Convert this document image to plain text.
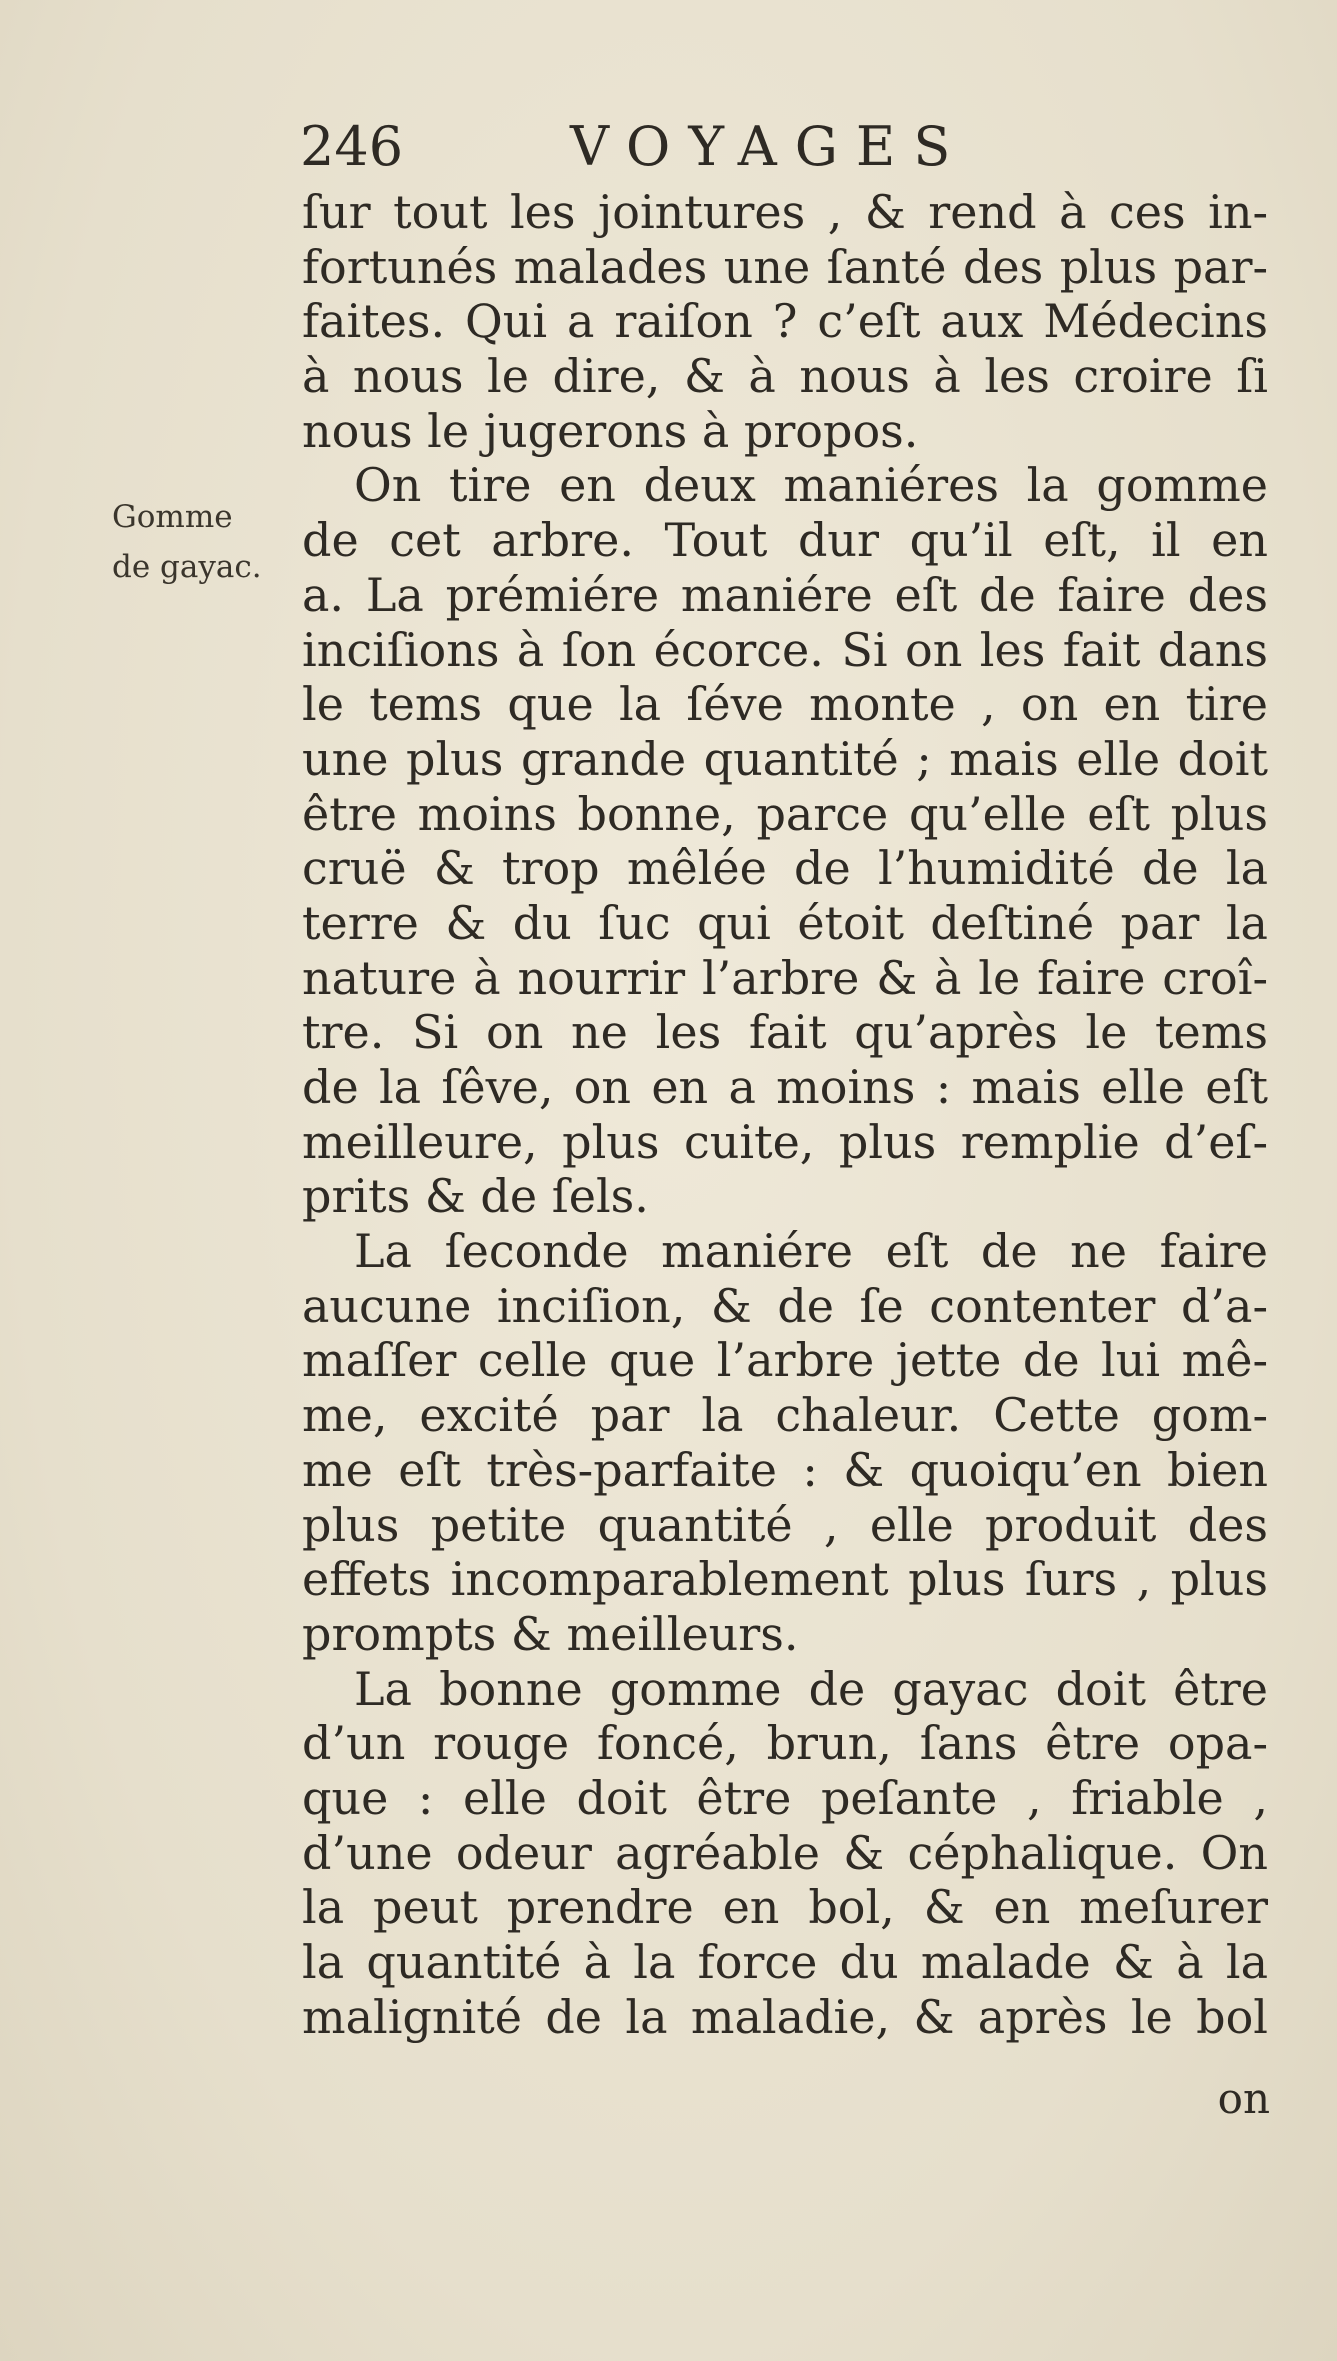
246	VOYAGES
Gomme
de gayac.
ſur tout les jointures , & rend à ces in-
fortunés malades une ſanté des plus par-
faites. Qui a raiſon ? c’eſt aux Médecins
à nous le dire, & à nous à les croire ſi
nous le jugerons à propos.
On tire en deux maniéres la gomme
de cet arbre. Tout dur qu’il eſt, il en
a. La prémiére maniére eſt de faire des
inciſions à ſon écorce. Si on les fait dans
le tems que la ſéve monte , on en tire
une plus grande quantité ; mais elle doit
être moins bonne, parce qu’elle eſt plus
cruë & trop mêlée de l’humidité de la
terre & du ſuc qui étoit deſtiné par la
nature à nourrir l’arbre & à le faire croî-
tre. Si on ne les fait qu’après le tems
de la ſêve, on en a moins : mais elle eſt
meilleure, plus cuite, plus remplie d’eſ-
prits & de ſels.
La ſeconde maniére eſt de ne faire
aucune inciſion, & de ſe contenter d’a-
maſſer celle que l’arbre jette de lui mê-
me, excité par la chaleur. Cette gom-
me eſt très-parfaite : & quoiqu’en bien
plus petite quantité , elle produit des
effets incomparablement plus ſurs , plus
prompts & meilleurs.
La bonne gomme de gayac doit être
d’un rouge foncé, brun, ſans être opa-
que : elle doit être peſante , friable ,
d’une odeur agréable & céphalique. On
la peut prendre en bol, & en meſurer
la quantité à la force du malade & à la
malignité de la maladie, & après le bol
on
